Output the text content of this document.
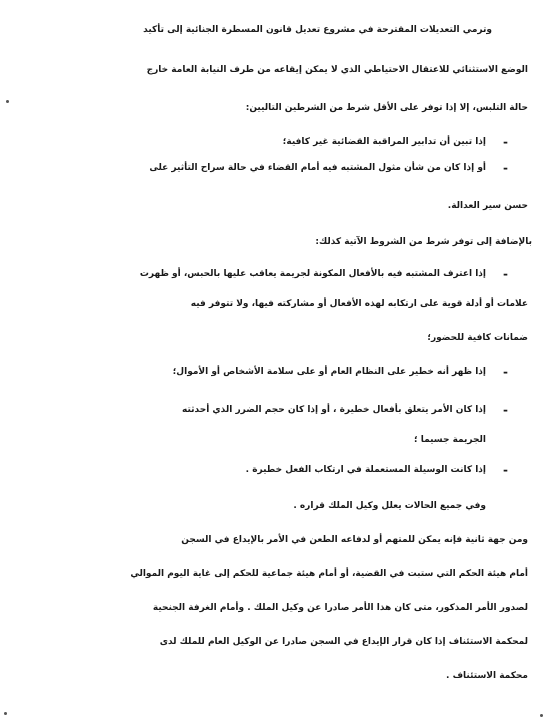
وترمي التعديلات المقترحة في مشروع تعديل قانون المسطرة الجنائية إلى تأكيد
الوضع الاستثنائي للاعتقال الاحتياطي الذي لا يمكن إيقاعه من طرف النيابة العامة خارج
حالة التلبس، إلا إذا توفر على الأقل شرط من الشرطين التاليين:
إذا تبين أن تدابير المراقبة القضائية غير كافية؛ -
أو إذا كان من شأن مثول المشتبه فيه أمام القضاء في حالة سراح التأثير على -
حسن سير العدالة.
بالإضافة إلى توفر شرط من الشروط الآتية كذلك:
إذا اعترف المشتبه فيه بالأفعال المكونة لجريمة يعاقب عليها بالحبس، أو ظهرت -
علامات أو أدلة قوية على ارتكابه لهذه الأفعال أو مشاركته فيها، ولا تتوفر فيه
ضمانات كافية للحضور؛
إذا ظهر أنه خطير على النظام العام أو على سلامة الأشخاص أو الأموال؛ -
إذا كان الأمر يتعلق بأفعال خطيرة ، أو إذا كان حجم الضرر الذي أحدثته -
الجريمة جسيما ؛
إذا كانت الوسيلة المستعملة في ارتكاب الفعل خطيرة . -
وفي جميع الحالات يعلل وكيل الملك قراره .
ومن جهة ثانية فإنه يمكن للمتهم أو لدفاعه الطعن في الأمر بالإيداع في السجن
أمام هيئة الحكم التي ستبت في القضية، أو أمام هيئة جماعية للحكم إلى غاية اليوم الموالي
لصدور الأمر المذكور، متى كان هذا الأمر صادرا عن وكيل الملك . وأمام الغرفة الجنحية
لمحكمة الاستئناف إذا كان قرار الإيداع في السجن صادرا عن الوكيل العام للملك لدى
محكمة الاستئناف .
